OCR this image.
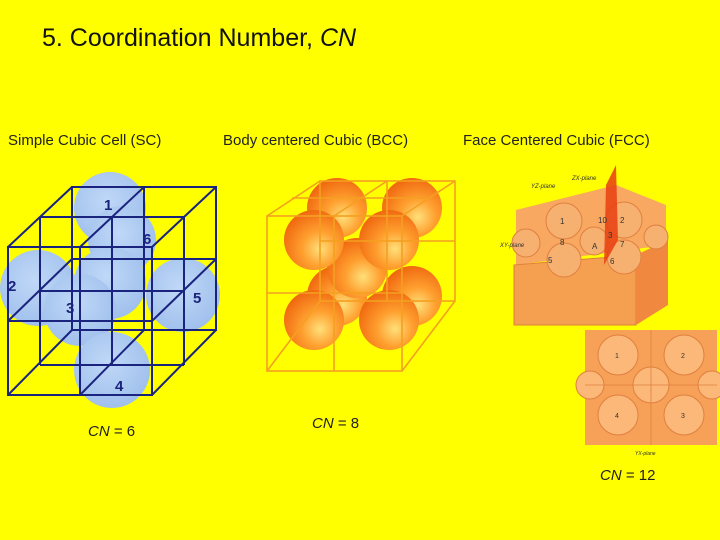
5. Coordination Number, CN
Simple Cubic Cell (SC)	Body centered Cubic (BCC)	Face Centered Cubic (FCC)
1
2
3
4
5
6
CN = 6	CN = 8
ZX-plane
YZ-plane
XY-plane
1	2
3
8	7
5	6
10
A
1	2
4	3
YX-plane
CN = 12
